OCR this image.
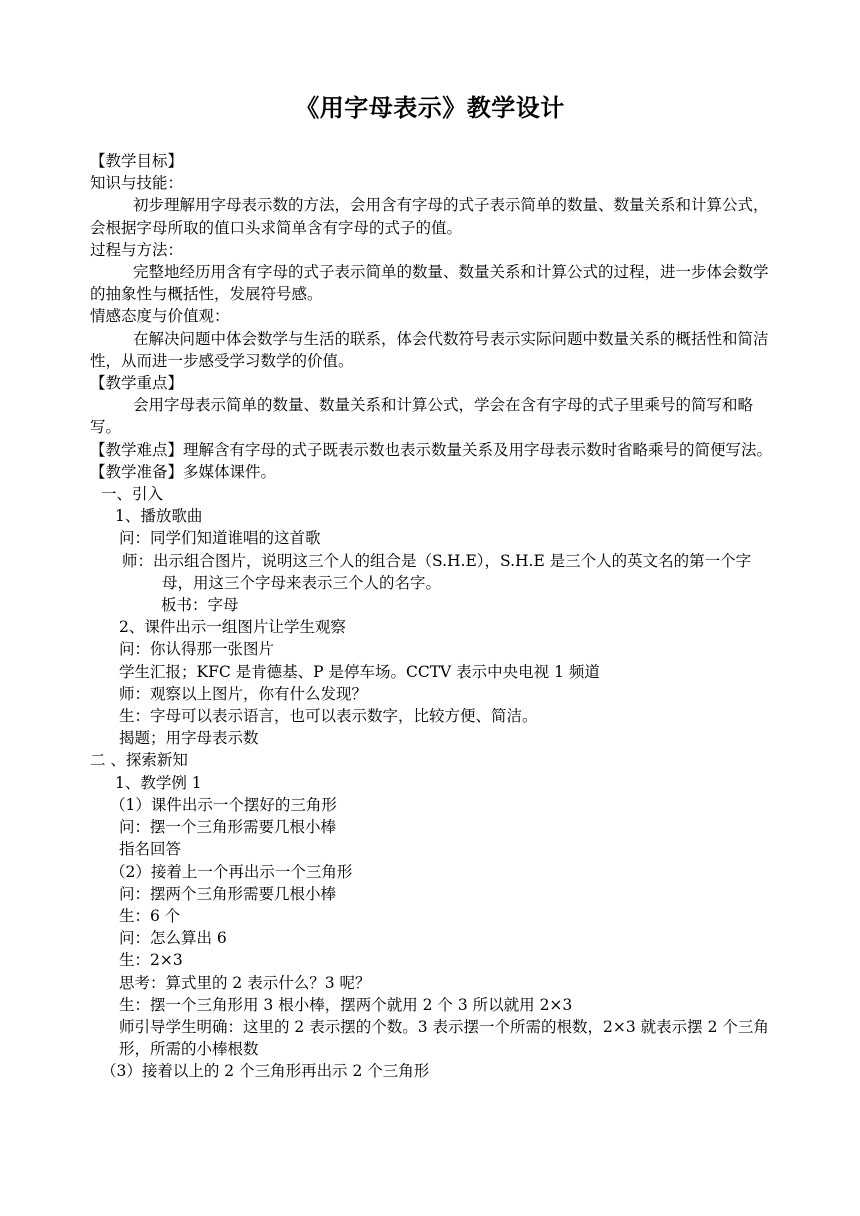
《用字母表示》教学设计

【教学目标】

知识与技能：

初步理解用字母表示数的方法，会用含有字母的式子表示简单的数量、数量关系和计算公式，会根据字母所取的值口头求简单含有字母的式子的值。

过程与方法：

完整地经历用含有字母的式子表示简单的数量、数量关系和计算公式的过程，进一步体会数学的抽象性与概括性，发展符号感。

情感态度与价值观：

在解决问题中体会数学与生活的联系，体会代数符号表示实际问题中数量关系的概括性和简洁性，从而进一步感受学习数学的价值。

【教学重点】

会用字母表示简单的数量、数量关系和计算公式，学会在含有字母的式子里乘号的简写和略写。

【教学难点】理解含有字母的式子既表示数也表示数量关系及用字母表示数时省略乘号的简便写法。

【教学准备】多媒体课件。

一、引入

1、播放歌曲

问：同学们知道谁唱的这首歌

师：出示组合图片，说明这三个人的组合是（S.H.E），S.H.E 是三个人的英文名的第一个字母，用这三个字母来表示三个人的名字。

板书：字母

2、课件出示一组图片让学生观察

问：你认得那一张图片

学生汇报；KFC 是肯德基、P 是停车场。CCTV 表示中央电视 1 频道

师：观察以上图片，你有什么发现？

生：字母可以表示语言，也可以表示数字，比较方便、简洁。

揭题；用字母表示数

二 、探索新知

1、教学例 1

（1）课件出示一个摆好的三角形

问：摆一个三角形需要几根小棒

指名回答

（2）接着上一个再出示一个三角形

问：摆两个三角形需要几根小棒

生：6 个

问：怎么算出 6

生：2×3

思考：算式里的 2 表示什么？3 呢？

生：摆一个三角形用 3 根小棒，摆两个就用 2 个 3 所以就用 2×3

师引导学生明确：这里的 2 表示摆的个数。3 表示摆一个所需的根数，2×3 就表示摆 2 个三角形，所需的小棒根数

（3）接着以上的 2 个三角形再出示 2 个三角形
